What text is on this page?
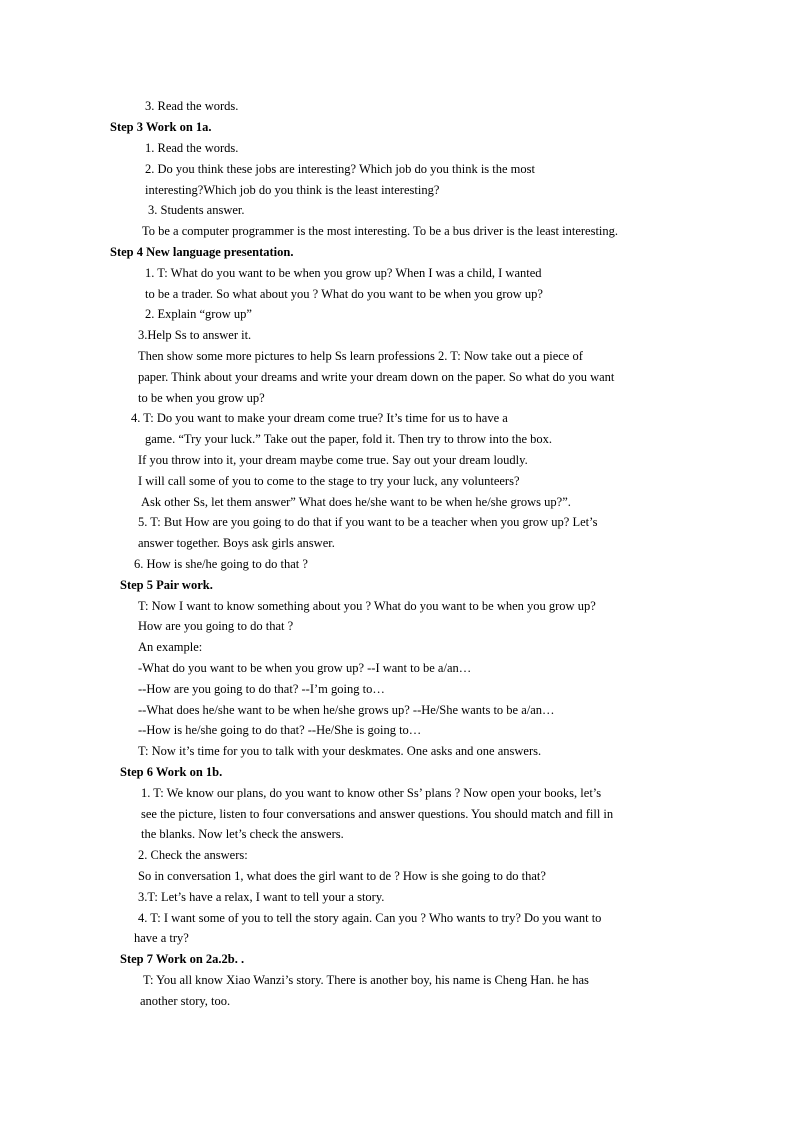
3. Read the words.
Step 3 Work on 1a.
1. Read the words.
2. Do you think these jobs are interesting? Which job do you think is the most
interesting?Which job do you think is the least interesting?
3. Students answer.
To be a computer programmer is the most interesting. To be a bus driver is the least interesting.
Step 4 New language presentation.
1. T: What do you want to be when you grow up? When I was a child, I wanted
to be a trader. So what about you ? What do you want to be when you grow up?
2. Explain “grow up”
3.Help Ss to answer it.
Then show some more pictures to help Ss learn professions 2. T: Now take out a piece of
paper. Think about your dreams and write your dream down on the paper. So what do you want
to be when you grow up?
4. T: Do you want to make your dream come true? It’s time for us to have a
game. “Try your luck.” Take out the paper, fold it. Then try to throw into the box.
If you throw into it, your dream maybe come true. Say out your dream loudly.
I will call some of you to come to the stage to try your luck, any volunteers?
Ask other Ss, let them answer” What does he/she want to be when he/she grows up?”.
5. T: But How are you going to do that if you want to be a teacher when you grow up? Let’s
answer together. Boys ask girls answer.
6. How is she/he going to do that ?
Step 5 Pair work.
T: Now I want to know something about you ? What do you want to be when you grow up?
How are you going to do that ?
An example:
-What do you want to be when you grow up? --I want to be a/an…
--How are you going to do that? --I’m going to…
--What does he/she want to be when he/she grows up? --He/She wants to be a/an…
--How is he/she going to do that? --He/She is going to…
T: Now it’s time for you to talk with your deskmates. One asks and one answers.
Step 6 Work on 1b.
1. T: We know our plans, do you want to know other Ss’ plans ? Now open your books, let’s
see the picture, listen to four conversations and answer questions. You should match and fill in
the blanks. Now let’s check the answers.
2. Check the answers:
So in conversation 1, what does the girl want to de ? How is she going to do that?
3.T: Let’s have a relax, I want to tell your a story.
4. T: I want some of you to tell the story again. Can you ? Who wants to try? Do you want to
have a try?
Step 7 Work on 2a.2b. .
T: You all know Xiao Wanzi’s story. There is another boy, his name is Cheng Han. he has
another story, too.
